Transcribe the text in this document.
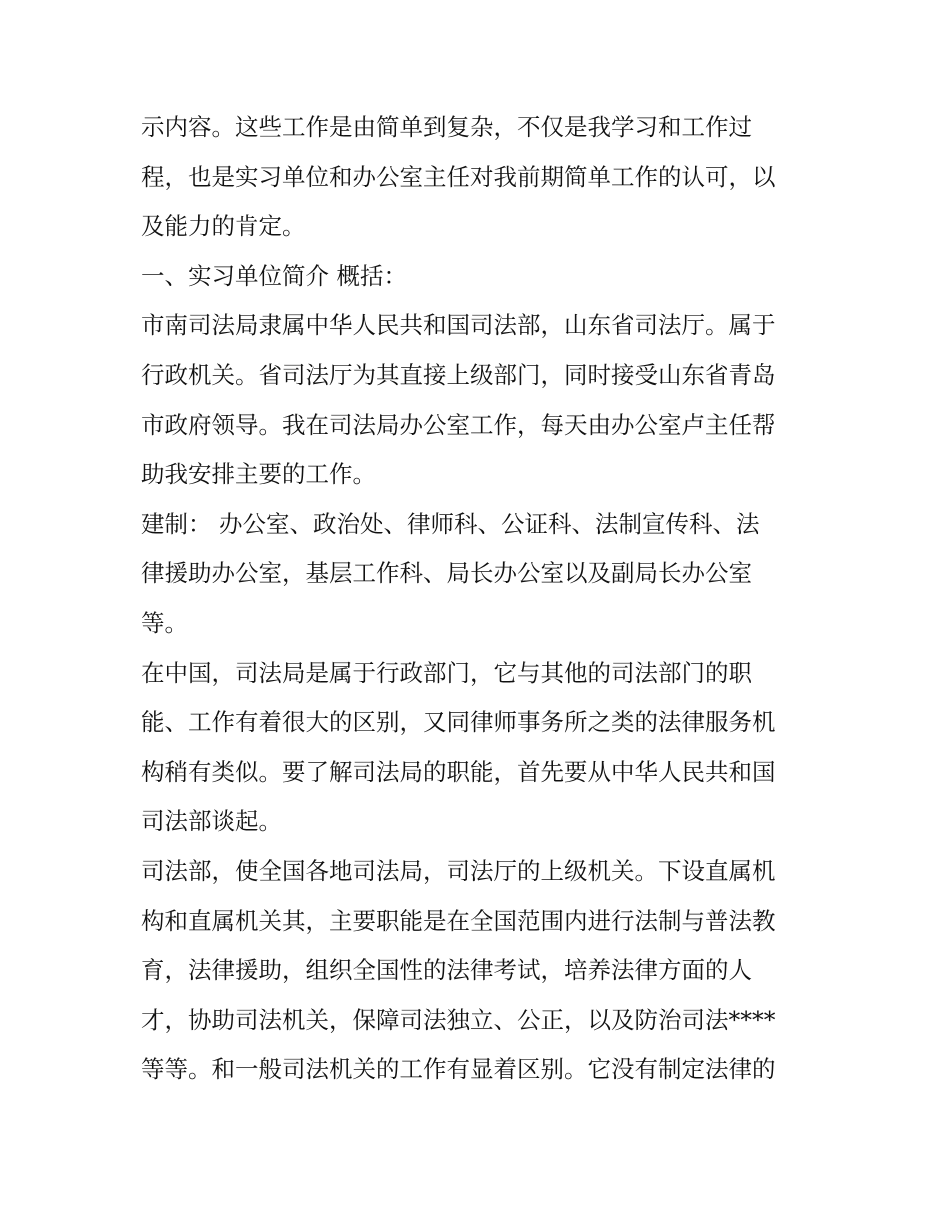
示内容。这些工作是由简单到复杂，不仅是我学习和工作过
程，也是实习单位和办公室主任对我前期简单工作的认可，以
及能力的肯定。
一、实习单位简介 概括：
市南司法局隶属中华人民共和国司法部，山东省司法厅。属于
行政机关。省司法厅为其直接上级部门，同时接受山东省青岛
市政府领导。我在司法局办公室工作，每天由办公室卢主任帮
助我安排主要的工作。
建制： 办公室、政治处、律师科、公证科、法制宣传科、法
律援助办公室，基层工作科、局长办公室以及副局长办公室
等。
在中国，司法局是属于行政部门，它与其他的司法部门的职
能、工作有着很大的区别，又同律师事务所之类的法律服务机
构稍有类似。要了解司法局的职能，首先要从中华人民共和国
司法部谈起。
司法部，使全国各地司法局，司法厅的上级机关。下设直属机
构和直属机关其，主要职能是在全国范围内进行法制与普法教
育，法律援助，组织全国性的法律考试，培养法律方面的人
才，协助司法机关，保障司法独立、公正，以及防治司法****
等等。和一般司法机关的工作有显着区别。它没有制定法律的
